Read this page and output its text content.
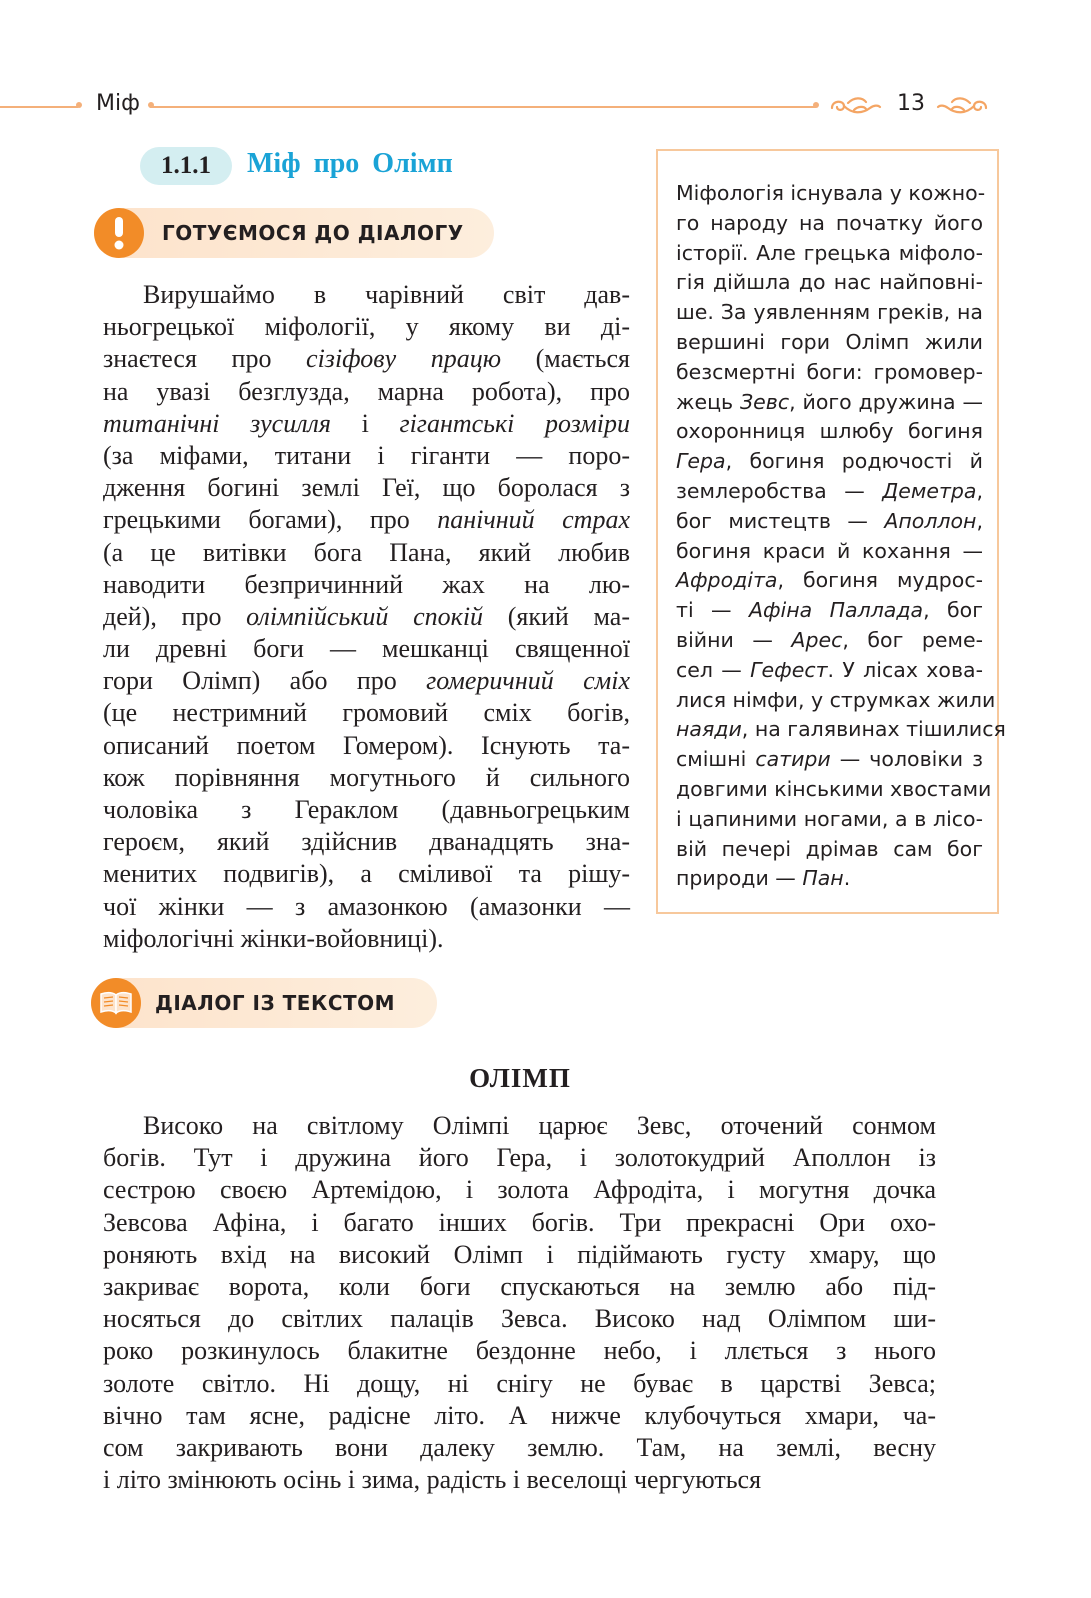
Міф	13
1.1.1	Міф про Олімп
ГОТУЄМОСЯ ДО ДІАЛОГУ
Вирушаймо в чарівний світ дав-
ньогрецької міфології, у якому ви ді-
знаєтеся про сізіфову працю (мається
на увазі безглузда, марна робота), про
титанічні зусилля і гігантські розміри
(за міфами, титани і гіганти — поро-
дження богині землі Геї, що боролася з
грецькими богами), про панічний страх
(а це витівки бога Пана, який любив
наводити безпричинний жах на лю-
дей), про олімпійський спокій (який ма-
ли древні боги — мешканці священної
гори Олімп) або про гомеричний сміх
(це нестримний громовий сміх богів,
описаний поетом Гомером). Існують та-
кож порівняння могутнього й сильного
чоловіка з Гераклом (давньогрецьким
героєм, який здійснив дванадцять зна-
менитих подвигів), а сміливої та рішу-
чої жінки — з амазонкою (амазонки —
міфологічні жінки-войовниці).
Міфологія існувала у кожно-
го народу на початку його
історії. Але грецька міфоло-
гія дійшла до нас найповні-
ше. За уявленням греків, на
вершині гори Олімп жили
безсмертні боги: громовер-
жець Зевс, його дружина —
охоронниця шлюбу богиня
Гера, богиня родючості й
землеробства — Деметра,
бог мистецтв — Аполлон,
богиня краси й кохання —
Афродіта, богиня мудрос-
ті — Афіна Паллада, бог
війни — Арес, бог реме-
сел — Гефест. У лісах хова-
лися німфи, у струмках жили
наяди, на галявинах тішилися
смішні сатири — чоловіки з
довгими кінськими хвостами
і цапиними ногами, а в лісо-
вій печері дрімав сам бог
природи — Пан.
ДІАЛОГ ІЗ ТЕКСТОМ
ОЛІМП
Високо на світлому Олімпі царює Зевс, оточений сонмом
богів. Тут і дружина його Гера, і золотокудрий Аполлон із
сестрою своєю Артемідою, і золота Афродіта, і могутня дочка
Зевсова Афіна, і багато інших богів. Три прекрасні Ори охо-
роняють вхід на високий Олімп і підіймають густу хмару, що
закриває ворота, коли боги спускаються на землю або під-
носяться до світлих палаців Зевса. Високо над Олімпом ши-
роко розкинулось блакитне бездонне небо, і ллється з нього
золоте світло. Ні дощу, ні снігу не буває в царстві Зевса;
вічно там ясне, радісне літо. А нижче клубочуться хмари, ча-
сом закривають вони далеку землю. Там, на землі, весну
і літо змінюють осінь і зима, радість і веселощі чергуються
